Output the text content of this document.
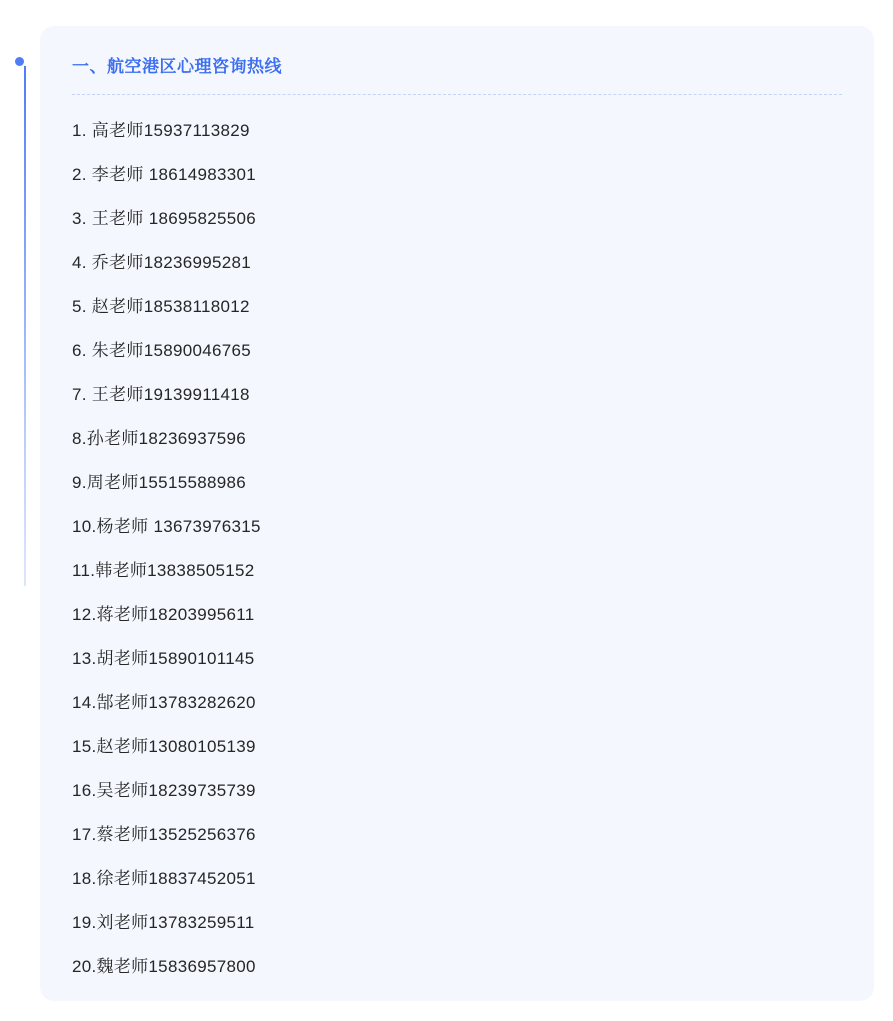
一、航空港区心理咨询热线
1. 高老师15937113829
2. 李老师 18614983301
3. 王老师 18695825506
4. 乔老师18236995281
5. 赵老师18538118012
6. 朱老师15890046765
7. 王老师19139911418
8.孙老师18236937596
9.周老师15515588986
10.杨老师 13673976315
11.韩老师13838505152
12.蒋老师18203995611
13.胡老师15890101145
14.郜老师13783282620
15.赵老师13080105139
16.吴老师18239735739
17.蔡老师13525256376
18.徐老师18837452051
19.刘老师13783259511
20.魏老师15836957800
